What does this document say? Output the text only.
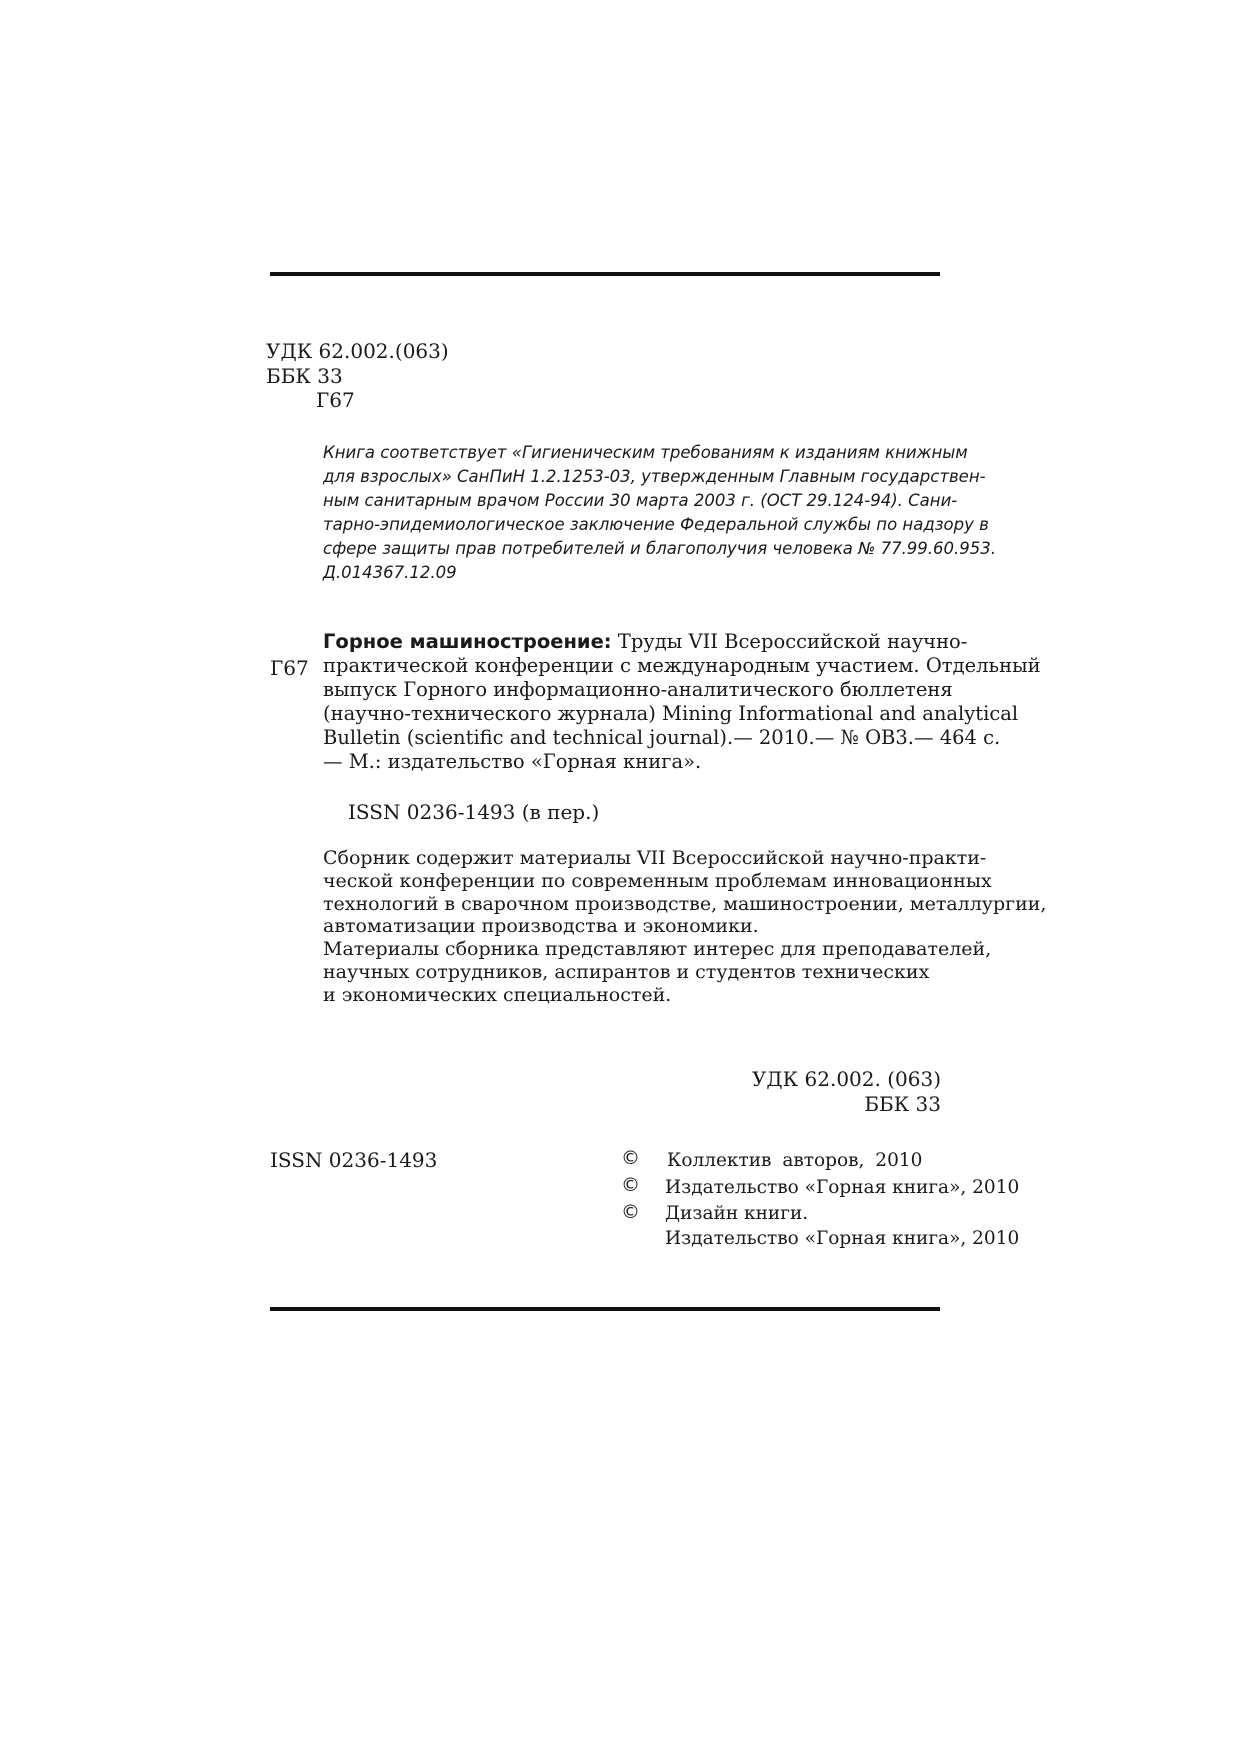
УДК 62.002.(063)
ББК 33
Г67
Книга соответствует «Гигиеническим требованиям к изданиям книжным
для взрослых» СанПиН 1.2.1253-03, утвержденным Главным государствен-
ным санитарным врачом России 30 марта 2003 г. (ОСТ 29.124-94). Сани-
тарно-эпидемиологическое заключение Федеральной службы по надзору в
сфере защиты прав потребителей и благополучия человека № 77.99.60.953.
Д.014367.12.09
Г67
Горное машиностроение: Труды VII Всероссийской научно-
практической конференции с международным участием. Отдельный
выпуск Горного информационно-аналитического бюллетеня
(научно-технического журнала) Mining Informational and analytical
Bulletin (scientific and technical journal).— 2010.— № ОВ3.— 464 с.
— М.: издательство «Горная книга».
ISSN 0236-1493 (в пер.)
Сборник содержит материалы VII Всероссийской научно-практи-
ческой конференции по современным проблемам инновационных
технологий в сварочном производстве, машиностроении, металлургии,
автоматизации производства и экономики.
Материалы сборника представляют интерес для преподавателей,
научных сотрудников, аспирантов и студентов технических
и экономических специальностей.
УДК 62.002. (063)
ББК 33
ISSN 0236-1493	© Коллектив авторов, 2010
© Издательство «Горная книга», 2010
© Дизайн книги.
Издательство «Горная книга», 2010
